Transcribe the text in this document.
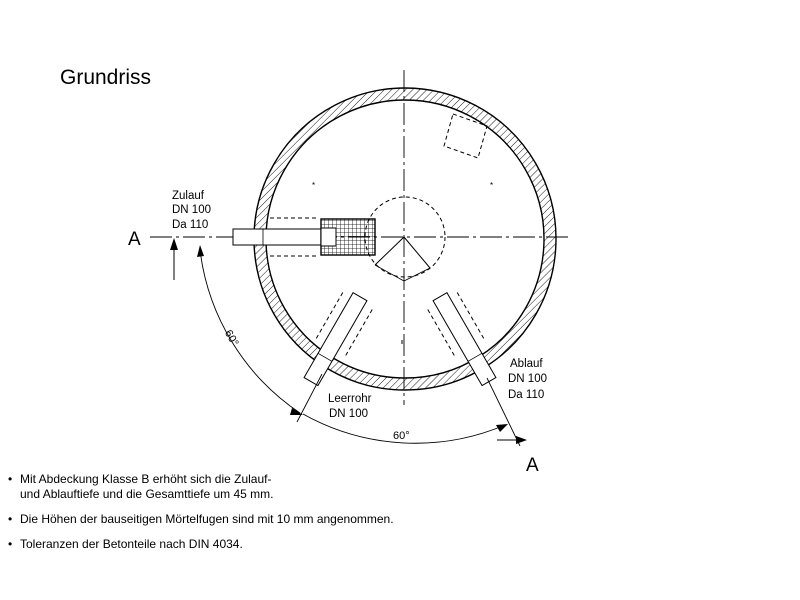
Grundriss
*	*
A
A
60°
60°
Zulauf
DN 100
Da 110
Ablauf
DN 100
Da 110
Leerrohr
DN 100
• Mit Abdeckung Klasse B erhöht sich die Zulauf-
und Ablauftiefe und die Gesamttiefe um 45 mm.
• Die Höhen der bauseitigen Mörtelfugen sind mit 10 mm angenommen.
• Toleranzen der Betonteile nach DIN 4034.
